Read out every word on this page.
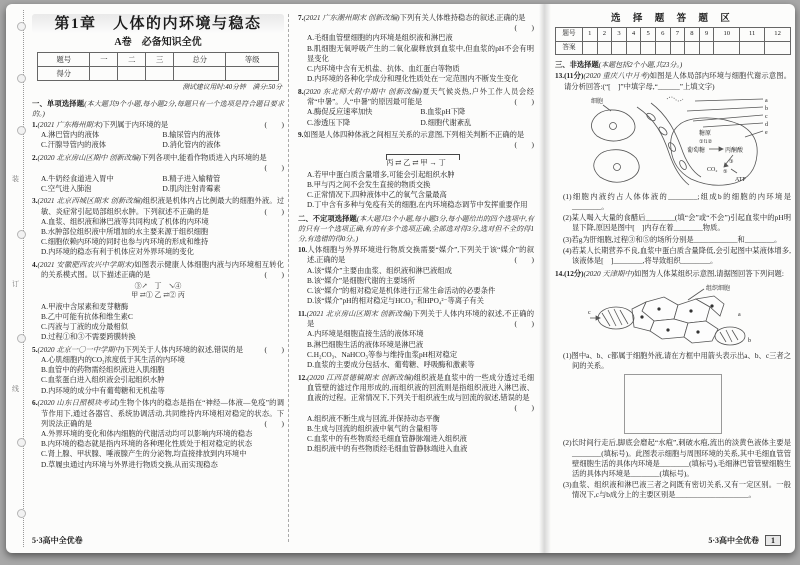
装
订
线
第1章　人体的内环境与稳态
A卷　必备知识全优
题号	一	二	三	总分	等级
得分					
测试建议用时:40分钟　满分:50分
一、单项选择题(本大题共9个小题,每小题2分,每题只有一个选项是符合题目要求的。)

1.(2021 广东梅州期末)下列属于内环境的是	(　　)

A.淋巴管内的液体	B.输尿管内的液体
C.汗腺导管内的液体	D.消化管内的液体

2.(2020 北京房山区期中 创新改编)下列各项中,能看作物质进入内环境的是

(　　)

A.牛奶经食道进入胃中	B.精子进入输精管
C.空气进入肺泡	D.肌肉注射青霉素

3.(2021 北京西城区期末 创新改编)组织液是机体内占比例最大的细胞外液。过敏、炎症常引起局部组织水肿。下列叙述不正确的是	(　　)

A.血浆、组织液和淋巴液等共同构成了机体的内环境
B.水肿部位组织液中所增加的水主要来源于组织细胞
C.细胞依赖内环境的同时也参与内环境的形成和维持
D.内环境的稳态有利于机体应对外界环境的变化

4.(2021 安徽肥西农兴中学期末)如图表示健康人体细胞内液与内环境相互转化的关系模式图。以下描述正确的是	(　　)

③↗　丁　↘④
甲 ⇄① 乙 ⇄② 丙
A.甲液中含尿素和麦芽糖酶
B.乙中可能有抗体和维生素C
C.丙液与丁液的成分最相似
D.过程①和③不需要跨膜转换

5.(2020 北京一〇一中学期中)下列关于人体内环境的叙述,错误的是	(　　)

A.心肌细胞内的CO₂浓度低于其生活的内环境
B.血管中的药物需经组织液进入肌细胞
C.血浆蛋白进入组织液会引起组织水肿
D.内环境的成分中有葡萄糖和无机盐等

6.(2020 山东日照模块考试)生物个体内的稳态是指在“神经—体液—免疫”的调节作用下,通过各器官、系统协调活动,共同维持内环境相对稳定的状态。下列说法正确的是	(　　)

A.外界环境的变化和体内细胞的代谢活动均可以影响内环境的稳态
B.内环境的稳态就是指内环境的各种理化性质处于相对稳定的状态
C.肾上腺、甲状腺、唾液腺产生的分泌物,均直接排放到内环境中
D.草履虫通过内环境与外界进行物质交换,从而实现稳态

7.(2021 广东潮州期末 创新改编)下列有关人体维持稳态的叙述,正确的是

(　　)

A.毛细血管壁细胞的内环境是组织液和淋巴液
B.肌细胞无氧呼吸产生的二氧化碳释放到血浆中,但血浆的pH不会有明显变化
C.内环境中含有无机盐、抗体、血红蛋白等物质
D.内环境的各种化学成分和理化性质处在一定范围内不断发生变化

8.(2020 东北师大附中期中 创新改编)夏天气候炎热,户外工作人员会经常“中暑”。人“中暑”的原因最可能是	(　　)

A.酶促反应速率加快	B.血浆pH下降
C.渗透压下降	D.细胞代谢紊乱

9.如图是人体四种体液之间相互关系的示意图,下列相关判断不正确的是

(　　)

丙 ⇄ 乙 ⇄ 甲 → 丁
A.若甲中蛋白质含量增多,可能会引起组织水肿
B.甲与丙之间不会发生直接的物质交换
C.正常情况下,四种液体中乙的氧气含量最高
D.丁中含有多种与免疫有关的细胞,在内环境稳态调节中发挥重要作用
二、不定项选择题(本大题共3个小题,每小题3分,每小题给出的四个选项中,有的只有一个选项正确,有的有多个选项正确,全部选对得3分,选对但不全的得1分,有选错的得0分。)

10.人体细胞与外界环境进行物质交换需要“媒介”,下列关于该“媒介”的叙述,正确的是	(　　)

A.该“媒介”主要由血浆、组织液和淋巴液组成
B.该“媒介”是细胞代谢的主要场所
C.该“媒介”的相对稳定是机体进行正常生命活动的必要条件
D.该“媒介”pH的相对稳定与HCO₃⁻和HPO₄²⁻等离子有关

11.(2021 北京房山区期末 创新改编)下列关于人体内环境的叙述,不正确的是	(　　)

A.内环境是细胞直接生活的液体环境
B.淋巴细胞生活的液体环境是淋巴液
C.H₂CO₃、NaHCO₃等参与维持血浆pH相对稳定
D.血浆的主要成分包括水、葡萄糖、呼吸酶和激素等

12.(2020 江西景德镇期末 创新改编)组织液是血浆中的一些成分透过毛细血管壁的滤过作用形成的,而组织液的回流则是指组织液进入淋巴液、血液的过程。正常情况下,下列关于组织液生成与回流的叙述,错误的是

(　　)

A.组织液不断生成与回流,并保持动态平衡
B.生成与回流的组织液中氧气的含量相等
C.血浆中的有些物质经毛细血管静脉端进入组织液
D.组织液中的有些物质经毛细血管静脉端进入血液
选 择 题 答 题 区
题号	1	2	3	4	5	6	7	8	9	10	11	12
答案												
三、非选择题(本题包括2个小题,共23分。)

13.(11分)(2020 重庆八中月考)如图是人体局部内环境与细胞代谢示意图。请分析回答:(“[　]”中填字母,“______”上填文字)

细胞	a
b
c
d
e
糖原
①⇅②
葡萄糖	丙酮酸
③
CO₂ ⑤
ATP

(1)细胞内液约占人体体液的________;组成b的细胞的内环境是________。

(2)某人喝入大量的食醋后________(填“会”或“不会”)引起血浆中的pH明显下降,原因是图中[　]内存在着________物质。

(3)若g为肝细胞,过程③和⑤的场所分别是____________和________。

(4)若某人长期营养不良,血浆中蛋白质含量降低,会引起图中某液体增多,该液体是[　]________,将导致组织________。

14.(12分)(2020 天津期中)如图为人体某组织示意图,请据图回答下列问题:

组织细胞
a
b
c

(1)图中a、b、c都属于细胞外液,请在方框中用箭头表示出a、b、c三者之间的关系。

(2)长时间行走后,脚底会磨起“水疱”,刺破水疱,流出的淡黄色液体主要是________(填标号)。此图表示细胞与周围环境的关系,其中毛细血管管壁细胞生活的具体内环境是________(填标号),毛细淋巴管管壁细胞生活的具体内环境是________(填标号)。

(3)血浆、组织液和淋巴液三者之间既有密切关系,又有一定区别。一般情况下,c与b成分上的主要区别是____________________。

5·3高中全优卷	5·3高中全优卷 1
